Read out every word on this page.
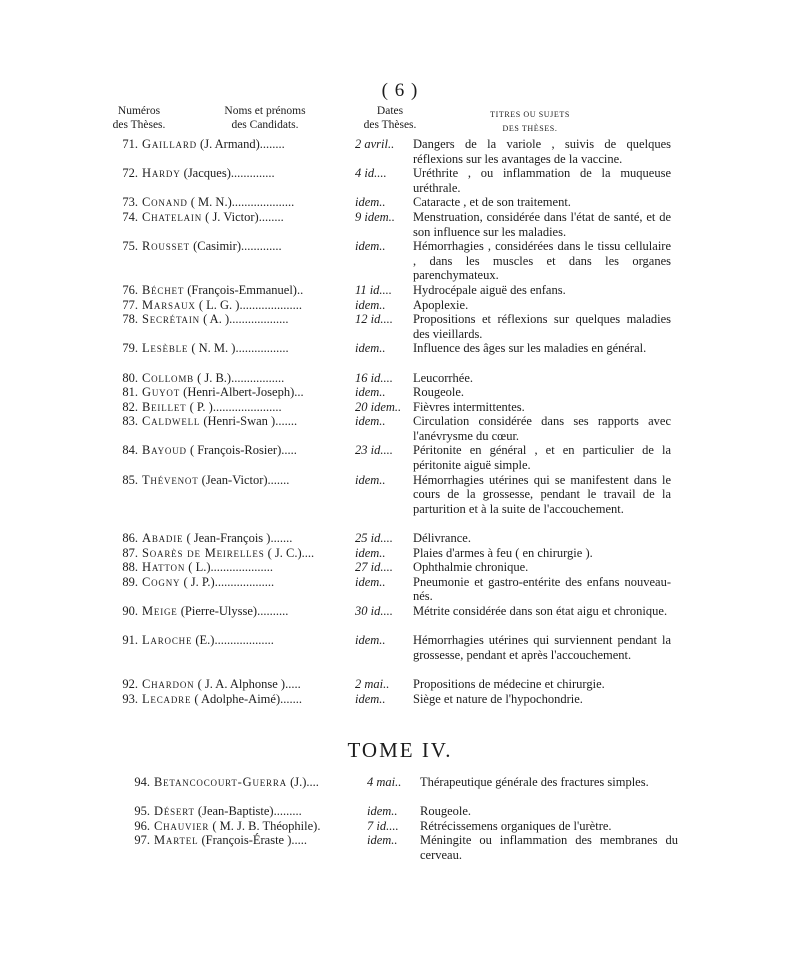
( 6 )
Numéros
des Thèses.
Noms et prénoms
des Candidats.
Dates
des Thèses.
TITRES OU SUJETS
DES THÈSES.
71. Gaillard (J. Armand)........	2 avril.. Dangers de la variole , suivis de quelques réflexions sur les avantages de la vaccine.
72. Hardy (Jacques)..............	4 id.... Uréthrite , ou inflammation de la muqueuse uréthrale.
73. Conand ( M. N.)....................	idem.. Cataracte , et de son traitement.
74. Chatelain ( J. Victor)........	9 idem.. Menstruation, considérée dans l'état de santé, et de son influence sur les maladies.
75. Rousset (Casimir).............	idem.. Hémorrhagies , considérées dans le tissu cellulaire , dans les muscles et dans les organes parenchymateux.
76. Béchet (François-Emmanuel)..	11 id.... Hydrocépale aiguë des enfans.
77. Marsaux ( L. G. )....................	idem.. Apoplexie.
78. Secrétain ( A. )...................	12 id.... Propositions et réflexions sur quelques maladies des vieillards.
79. Lesèble ( N. M. ).................	idem.. Influence des âges sur les maladies en général.
80. Collomb ( J. B.).................	16 id.... Leucorrhée.
81. Guyot (Henri-Albert-Joseph)...	idem.. Rougeole.
82. Beillet ( P. )......................	20 idem.. Fièvres intermittentes.
83. Caldwell (Henri-Swan ).......	idem.. Circulation considérée dans ses rapports avec l'anévrysme du cœur.
84. Bayoud ( François-Rosier).....	23 id.... Péritonite en général , et en particulier de la péritonite aiguë simple.
85. Thévenot (Jean-Victor).......	idem.. Hémorrhagies utérines qui se manifestent dans le cours de la grossesse, pendant le travail de la parturition et à la suite de l'accouchement.
86. Abadie ( Jean-François ).......	25 id.... Délivrance.
87. Soarès de Meirelles ( J. C.)....	idem.. Plaies d'armes à feu ( en chirurgie ).
88. Hatton ( L.)....................	27 id.... Ophthalmie chronique.
89. Cogny ( J. P.)...................	idem.. Pneumonie et gastro-entérite des enfans nouveau-nés.
90. Meige (Pierre-Ulysse)..........	30 id.... Métrite considérée dans son état aigu et chronique.
91. Laroche (E.)...................	idem.. Hémorrhagies utérines qui surviennent pendant la grossesse, pendant et après l'accouchement.
92. Chardon ( J. A. Alphonse ).....	2 mai.. Propositions de médecine et chirurgie.
93. Lecadre ( Adolphe-Aimé).......	idem.. Siège et nature de l'hypochondrie.
TOME IV.
94. Betancocourt-Guerra (J.)....	4 mai.. Thérapeutique générale des fractures simples.
95. Désert (Jean-Baptiste).........	idem.. Rougeole.
96. Chauvier ( M. J. B. Théophile).	7 id.... Rétrécissemens organiques de l'urètre.
97. Martel (François-Éraste ).....	idem.. Méningite ou inflammation des membranes du cerveau.
